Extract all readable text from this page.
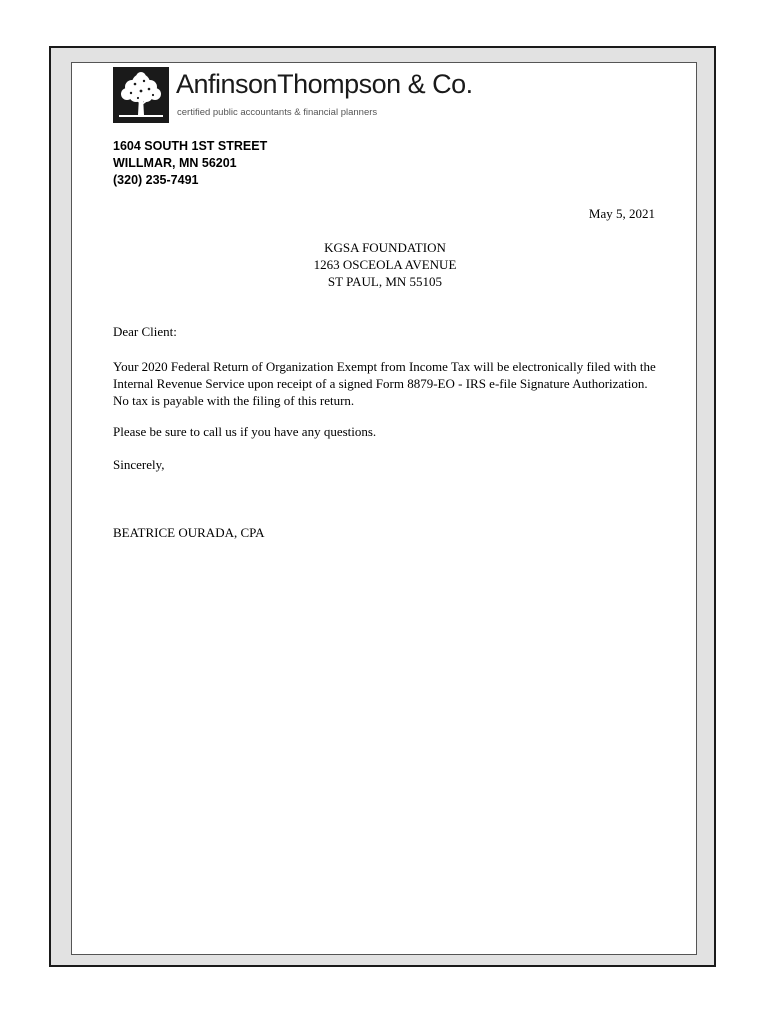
AnfinsonThompson & Co.
certified public accountants & financial planners
1604 SOUTH 1ST STREET
WILLMAR, MN 56201
(320) 235-7491
May 5, 2021
KGSA FOUNDATION
1263 OSCEOLA AVENUE
ST PAUL, MN 55105
Dear Client:
Your 2020 Federal Return of Organization Exempt from Income Tax will be electronically filed with the Internal Revenue Service upon receipt of a signed Form 8879-EO - IRS e-file Signature Authorization. No tax is payable with the filing of this return.
Please be sure to call us if you have any questions.
Sincerely,
BEATRICE OURADA, CPA
